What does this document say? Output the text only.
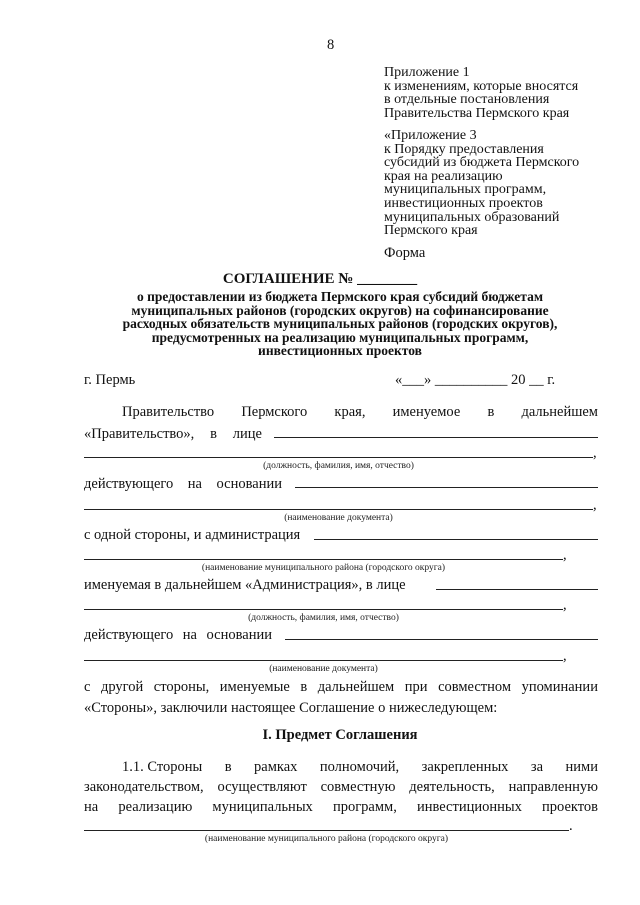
8
Приложение 1
к изменениям, которые вносятся
в отдельные постановления
Правительства Пермского края
«Приложение 3
к Порядку предоставления
субсидий из бюджета Пермского
края на реализацию
муниципальных программ,
инвестиционных проектов
муниципальных образований
Пермского края
Форма
СОГЛАШЕНИЕ № ________
о предоставлении из бюджета Пермского края субсидий бюджетам
муниципальных районов (городских округов) на софинансирование
расходных обязательств муниципальных районов (городских округов),
предусмотренных на реализацию муниципальных программ,
инвестиционных проектов
г. Пермь	«___» __________ 20 __ г.
Правительство Пермского края, именуемое в дальнейшем
«Правительство», в лице
,
(должность, фамилия, имя, отчество)
действующего на основании
,
(наименование документа)
с одной стороны, и администрация
,
(наименование муниципального района (городского округа)
именуемая в дальнейшем «Администрация», в лице
,
(должность, фамилия, имя, отчество)
действующего на основании
,
(наименование документа)
с другой стороны, именуемые в дальнейшем при совместном упоминании
«Стороны», заключили настоящее Соглашение о нижеследующем:
I. Предмет Соглашения
1.1. Стороны в рамках полномочий, закрепленных за ними
законодательством, осуществляют совместную деятельность, направленную
на реализацию муниципальных программ, инвестиционных проектов
.
(наименование муниципального района (городского округа)
